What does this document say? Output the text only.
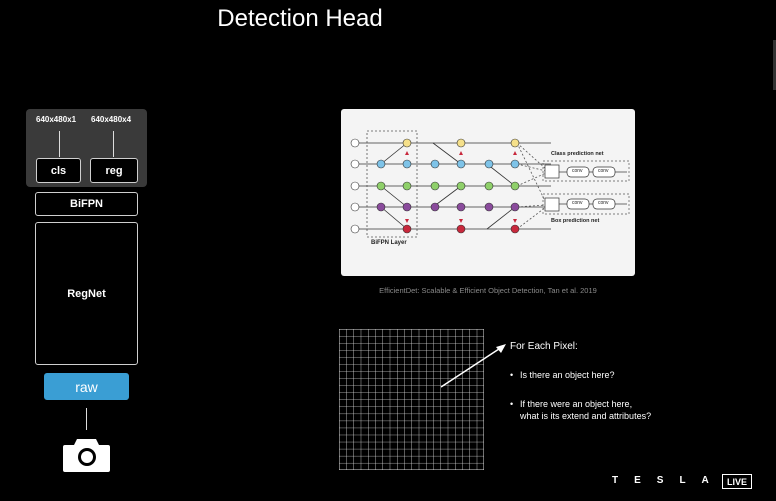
Detection Head
640x480x1 640x480x4
cls	reg
BiFPN
RegNet
raw
BiFPN Layer
Class prediction net
Box prediction net
conv	conv
conv	conv
EfficientDet: Scalable & Efficient Object Detection, Tan et al. 2019
For Each Pixel:
• Is there an object here?
• If there were an object here,
what is its extend and attributes?
TESLA LIVE
